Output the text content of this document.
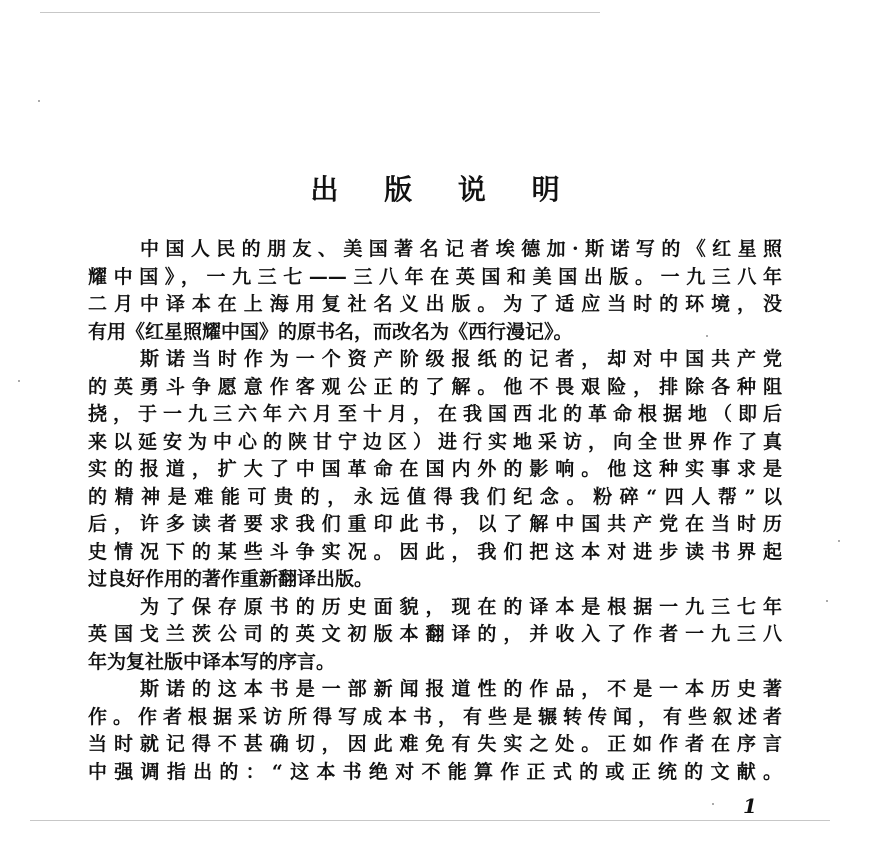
出 版 说 明

中国人民的朋友、美国著名记者埃德加·斯诺写的《红星照
耀中国》，一九三七——三八年在英国和美国出版。一九三八年
二月中译本在上海用复社名义出版。为了适应当时的环境，没
有用《红星照耀中国》的原书名，而改名为《西行漫记》。

斯诺当时作为一个资产阶级报纸的记者，却对中国共产党
的英勇斗争愿意作客观公正的了解。他不畏艰险，排除各种阻
挠，于一九三六年六月至十月，在我国西北的革命根据地（即后
来以延安为中心的陕甘宁边区）进行实地采访，向全世界作了真
实的报道，扩大了中国革命在国内外的影响。他这种实事求是
的精神是难能可贵的，永远值得我们纪念。粉碎“四人帮”以
后，许多读者要求我们重印此书，以了解中国共产党在当时历
史情况下的某些斗争实况。因此，我们把这本对进步读书界起
过良好作用的著作重新翻译出版。

为了保存原书的历史面貌，现在的译本是根据一九三七年
英国戈兰茨公司的英文初版本翻译的，并收入了作者一九三八
年为复社版中译本写的序言。

斯诺的这本书是一部新闻报道性的作品，不是一本历史著
作。作者根据采访所得写成本书，有些是辗转传闻，有些叙述者
当时就记得不甚确切，因此难免有失实之处。正如作者在序言
中强调指出的：“这本书绝对不能算作正式的或正统的文献。

1
